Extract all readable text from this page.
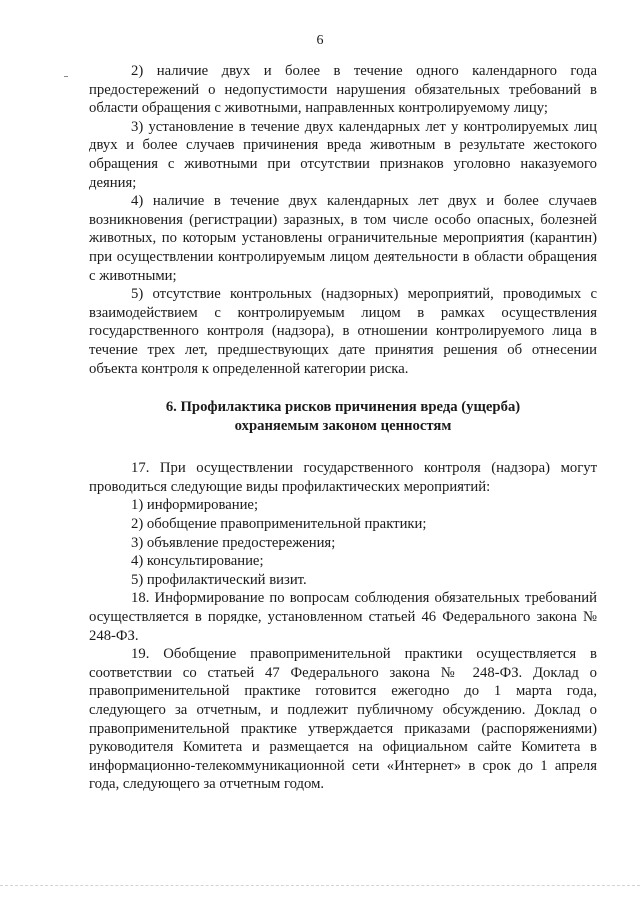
6

2) наличие двух и более в течение одного календарного года предостережений о недопустимости нарушения обязательных требований в области обращения с животными, направленных контролируемому лицу;

3) установление в течение двух календарных лет у контролируемых лиц двух и более случаев причинения вреда животным в результате жестокого обращения с животными при отсутствии признаков уголовно наказуемого деяния;

4) наличие в течение двух календарных лет двух и более случаев возникновения (регистрации) заразных, в том числе особо опасных, болезней животных, по которым установлены ограничительные мероприятия (карантин) при осуществлении контролируемым лицом деятельности в области обращения с животными;

5) отсутствие контрольных (надзорных) мероприятий, проводимых с взаимодействием с контролируемым лицом в рамках осуществления государственного контроля (надзора), в отношении контролируемого лица в течение трех лет, предшествующих дате принятия решения об отнесении объекта контроля к определенной категории риска.

6. Профилактика рисков причинения вреда (ущерба)
охраняемым законом ценностям

17. При осуществлении государственного контроля (надзора) могут проводиться следующие виды профилактических мероприятий:

1) информирование;

2) обобщение правоприменительной практики;

3) объявление предостережения;

4) консультирование;

5) профилактический визит.

18. Информирование по вопросам соблюдения обязательных требований осуществляется в порядке, установленном статьей 46 Федерального закона № 248-ФЗ.

19. Обобщение правоприменительной практики осуществляется в соответствии со статьей 47 Федерального закона № 248-ФЗ. Доклад о правоприменительной практике готовится ежегодно до 1 марта года, следующего за отчетным, и подлежит публичному обсуждению. Доклад о правоприменительной практике утверждается приказами (распоряжениями) руководителя Комитета и размещается на официальном сайте Комитета в информационно-телекоммуникационной сети «Интернет» в срок до 1 апреля года, следующего за отчетным годом.
